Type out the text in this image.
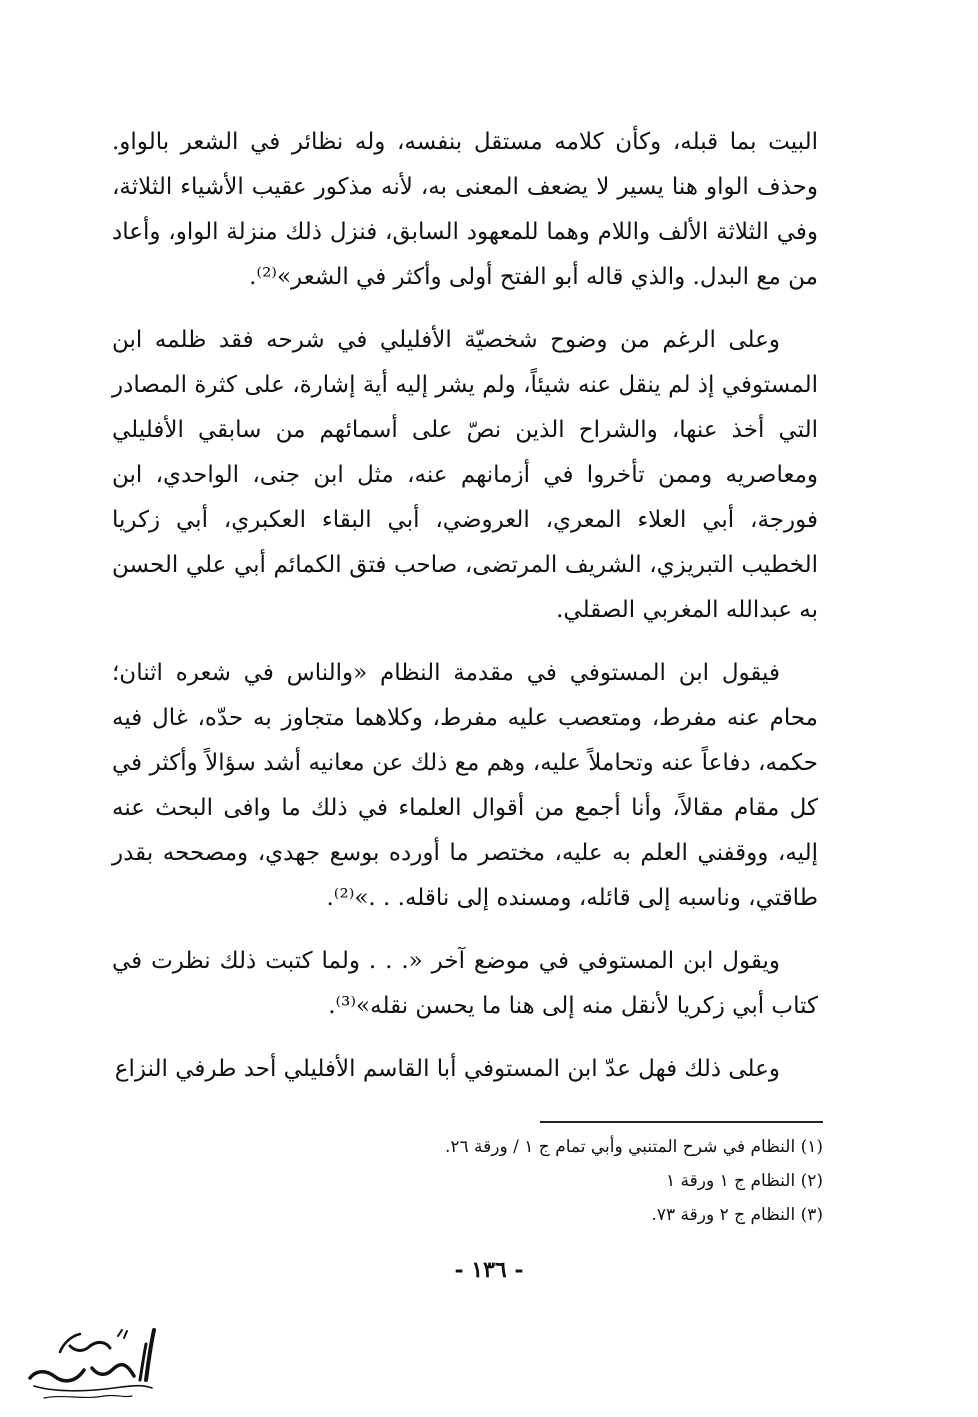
البيت بما قبله، وكأن كلامه مستقل بنفسه، وله نظائر في الشعر بالواو. وحذف الواو هنا يسير لا يضعف المعنى به، لأنه مذكور عقيب الأشياء الثلاثة، وفي الثلاثة الألف واللام وهما للمعهود السابق، فنزل ذلك منزلة الواو، وأعاد من مع البدل. والذي قاله أبو الفتح أولى وأكثر في الشعر»⁽²⁾.

وعلى الرغم من وضوح شخصيّة الأفليلي في شرحه فقد ظلمه ابن المستوفي إذ لم ينقل عنه شيئاً، ولم يشر إليه أية إشارة، على كثرة المصادر التي أخذ عنها، والشراح الذين نصّ على أسمائهم من سابقي الأفليلي ومعاصريه وممن تأخروا في أزمانهم عنه، مثل ابن جنى، الواحدي، ابن فورجة، أبي العلاء المعري، العروضي، أبي البقاء العكبري، أبي زكريا الخطيب التبريزي، الشريف المرتضى، صاحب فتق الكمائم أبي علي الحسن به عبدالله المغربي الصقلي.

فيقول ابن المستوفي في مقدمة النظام «والناس في شعره اثنان؛ محام عنه مفرط، ومتعصب عليه مفرط، وكلاهما متجاوز به حدّه، غال فيه حكمه، دفاعاً عنه وتحاملاً عليه، وهم مع ذلك عن معانيه أشد سؤالاً وأكثر في كل مقام مقالاً، وأنا أجمع من أقوال العلماء في ذلك ما وافى البحث عنه إليه، ووقفني العلم به عليه، مختصر ما أورده بوسع جهدي، ومصححه بقدر طاقتي، وناسبه إلى قائله، ومسنده إلى ناقله. . .»⁽²⁾.

ويقول ابن المستوفي في موضع آخر «. . . ولما كتبت ذلك نظرت في كتاب أبي زكريا لأنقل منه إلى هنا ما يحسن نقله»⁽³⁾.

وعلى ذلك فهل عدّ ابن المستوفي أبا القاسم الأفليلي أحد طرفي النزاع

(١) النظام في شرح المتنبي وأبي تمام ج ١ / ورقة ٢٦.

(٢) النظام ج ١ ورقة ١

(٣) النظام ج ٢ ورقة ٧٣.

- ١٣٦ -
